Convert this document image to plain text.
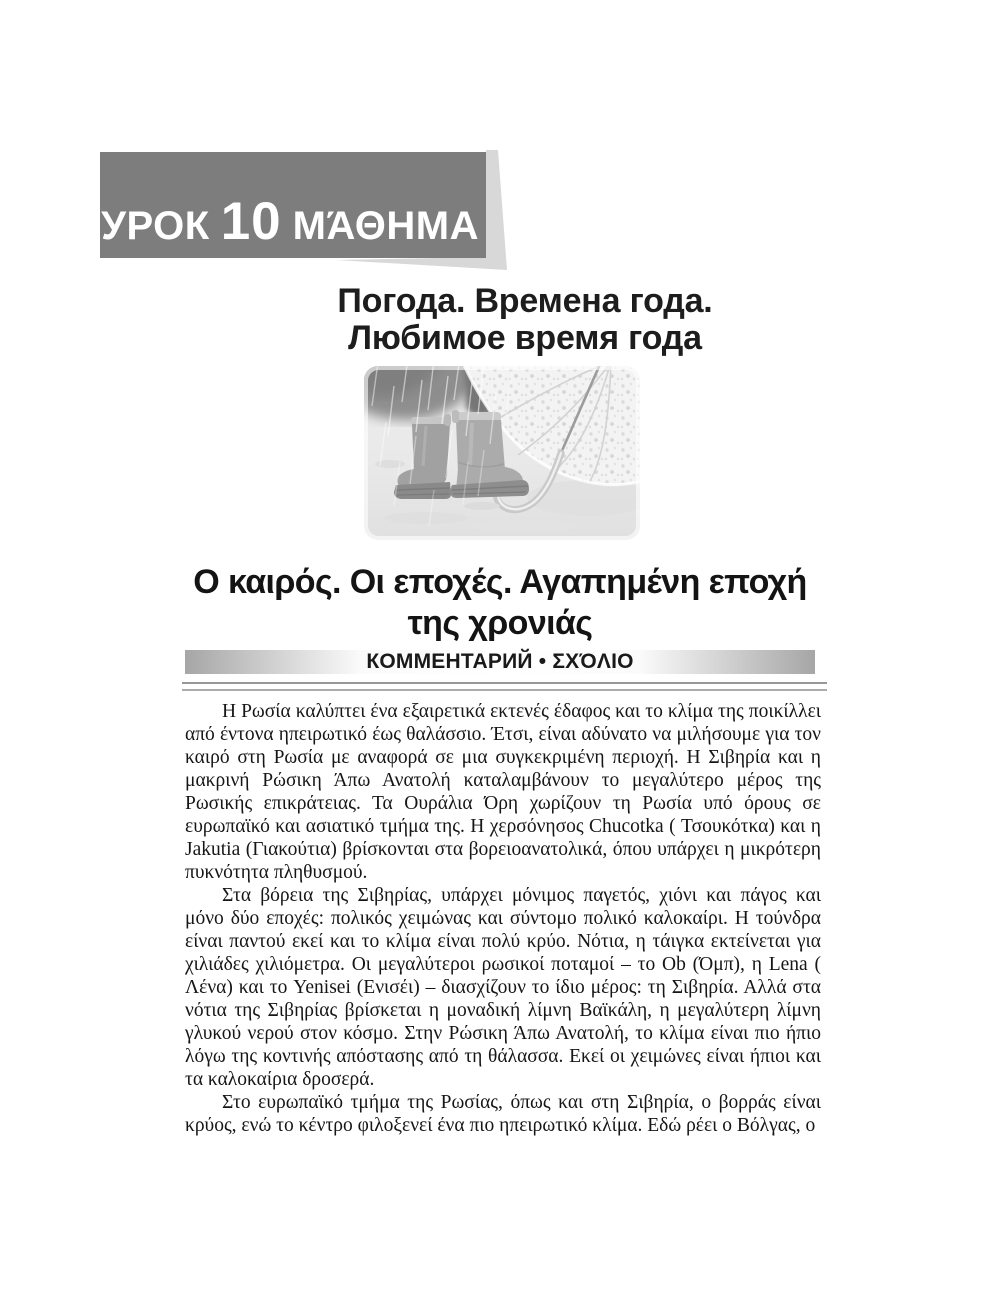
УРОК 10 ΜΆΘΗΜΑ
Погода. Времена года.
Любимое время года
Ο καιρός. Οι εποχές. Αγαπημένη εποχή
της χρονιάς
КОММЕНТАРИЙ • ΣΧΌΛΙΟ

Η Ρωσία καλύπτει ένα εξαιρετικά εκτενές έδαφος και το κλίμα της ποικίλλει από έντονα ηπειρωτικό έως θαλάσσιο. Έτσι, είναι αδύνατο να μιλήσουμε για τον καιρό στη Ρωσία με αναφορά σε μια συγκεκριμένη περιοχή. Η Σιβηρία και η μακρινή Ρώσικη Άπω Ανατολή καταλαμβάνουν το μεγαλύτερο μέρος της Ρωσικής επικράτειας. Τα Ουράλια Όρη χωρίζουν τη Ρωσία υπό όρους σε ευρωπαϊκό και ασιατικό τμήμα της. Η χερσόνησος Chucotka ( Τσουκότκα) και η Jakutia (Γιακούτια) βρίσκονται στα βορειοανατολικά, όπου υπάρχει η μικρότερη πυκνότητα πληθυσμού.

Στα βόρεια της Σιβηρίας, υπάρχει μόνιμος παγετός, χιόνι και πάγος και μόνο δύο εποχές: πολικός χειμώνας και σύντομο πολικό καλοκαίρι. Η τούνδρα είναι παντού εκεί και το κλίμα είναι πολύ κρύο. Νότια, η τάιγκα εκτείνεται για χιλιάδες χιλιόμετρα. Οι μεγαλύτεροι ρωσικοί ποταμοί – το Ob (Όμπ), η Lena ( Λένα) και το Yenisei (Ενισέι) – διασχίζουν το ίδιο μέρος: τη Σιβηρία. Αλλά στα νότια της Σιβηρίας βρίσκεται η μοναδική λίμνη Βαϊκάλη, η μεγαλύτερη λίμνη γλυκού νερού στον κόσμο. Στην Ρώσικη Άπω Ανατολή, το κλίμα είναι πιο ήπιο λόγω της κοντινής απόστασης από τη θάλασσα. Εκεί οι χειμώνες είναι ήπιοι και τα καλοκαίρια δροσερά.

Στο ευρωπαϊκό τμήμα της Ρωσίας, όπως και στη Σιβηρία, ο βορράς είναι κρύος, ενώ το κέντρο φιλοξενεί ένα πιο ηπειρωτικό κλίμα. Εδώ ρέει ο Βόλγας, ο
